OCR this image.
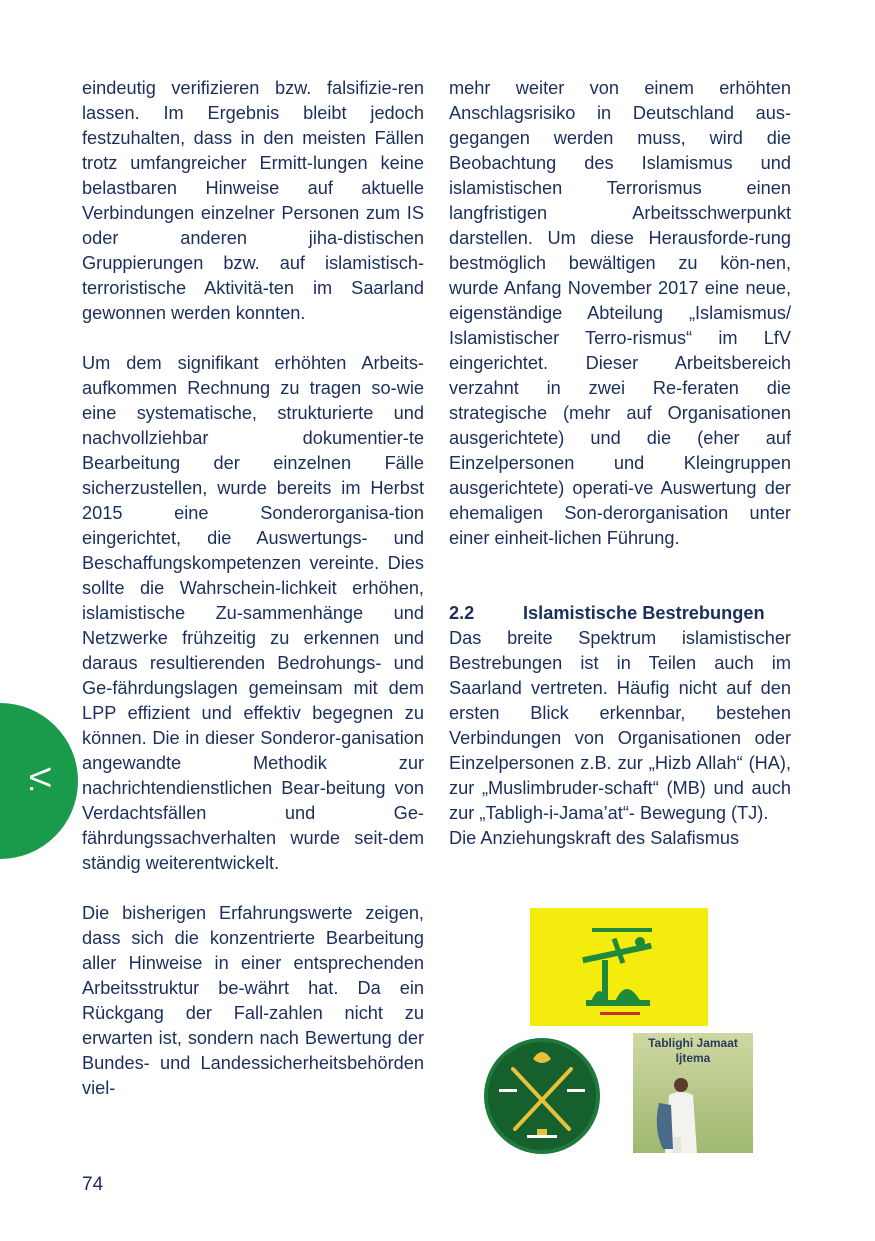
eindeutig verifizieren bzw. falsifizie-ren lassen. Im Ergebnis bleibt jedoch festzuhalten, dass in den meisten Fällen trotz umfangreicher Ermitt-lungen keine belastbaren Hinweise auf aktuelle Verbindungen einzelner Personen zum IS oder anderen jiha-distischen Gruppierungen bzw. auf islamistisch-terroristische Aktivitä-ten im Saarland gewonnen werden konnten.

Um dem signifikant erhöhten Arbeits-aufkommen Rechnung zu tragen so-wie eine systematische, strukturierte und nachvollziehbar dokumentier-te Bearbeitung der einzelnen Fälle sicherzustellen, wurde bereits im Herbst 2015 eine Sonderorganisa-tion eingerichtet, die Auswertungs- und Beschaffungskompetenzen vereinte. Dies sollte die Wahrschein-lichkeit erhöhen, islamistische Zu-sammenhänge und Netzwerke frühzeitig zu erkennen und daraus resultierenden Bedrohungs- und Ge-fährdungslagen gemeinsam mit dem LPP effizient und effektiv begegnen zu können. Die in dieser Sonderor-ganisation angewandte Methodik zur nachrichtendienstlichen Bear-beitung von Verdachtsfällen und Ge-fährdungssachverhalten wurde seit-dem ständig weiterentwickelt.

Die bisherigen Erfahrungswerte zeigen, dass sich die konzentrierte Bearbeitung aller Hinweise in einer entsprechenden Arbeitsstruktur be-währt hat. Da ein Rückgang der Fall-zahlen nicht zu erwarten ist, sondern nach Bewertung der Bundes- und Landessicherheitsbehörden viel-

mehr weiter von einem erhöhten Anschlagsrisiko in Deutschland aus-gegangen werden muss, wird die Beobachtung des Islamismus und islamistischen Terrorismus einen langfristigen Arbeitsschwerpunkt darstellen. Um diese Herausforde-rung bestmöglich bewältigen zu kön-nen, wurde Anfang November 2017 eine neue, eigenständige Abteilung „Islamismus/ Islamistischer Terro-rismus“ im LfV eingerichtet. Dieser Arbeitsbereich verzahnt in zwei Re-feraten die strategische (mehr auf Organisationen ausgerichtete) und die (eher auf Einzelpersonen und Kleingruppen ausgerichtete) operati-ve Auswertung der ehemaligen Son-derorganisation unter einer einheit-lichen Führung.

2.2	Islamistische Bestrebungen

Das breite Spektrum islamistischer Bestrebungen ist in Teilen auch im Saarland vertreten. Häufig nicht auf den ersten Blick erkennbar, bestehen Verbindungen von Organisationen oder Einzelpersonen z.B. zur „Hizb Allah“ (HA), zur „Muslimbruder-schaft“ (MB) und auch zur „Tabligh-i-Jama’at“- Bewegung (TJ).

Die Anziehungskraft des Salafismus

V.
Tablighi Jamaat
Ijtema
74
